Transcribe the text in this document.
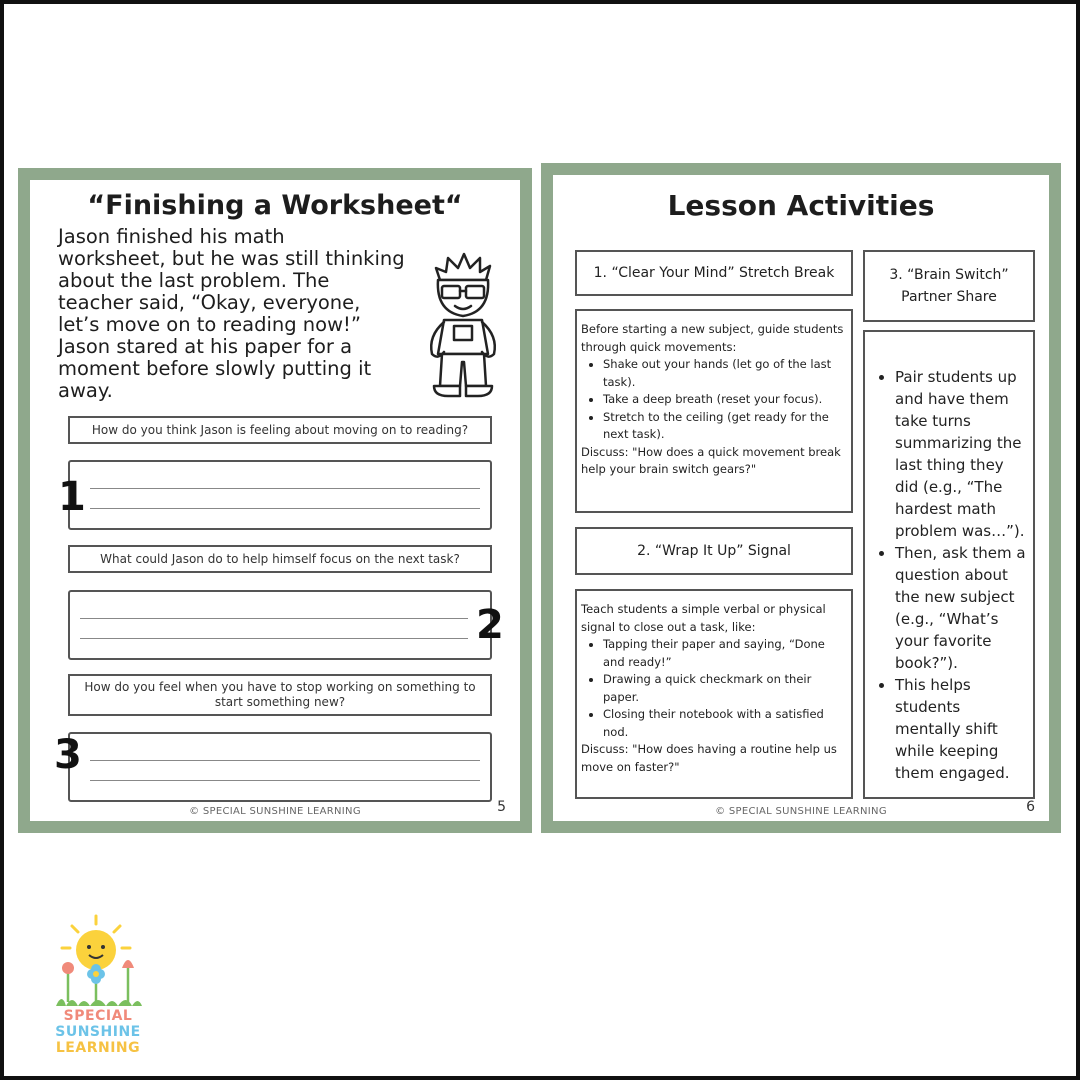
“Finishing a Worksheet“
Jason finished his math
worksheet, but he was still thinking
about the last problem. The
teacher said, “Okay, everyone,
let’s move on to reading now!”
Jason stared at his paper for a
moment before slowly putting it
away.
How do you think Jason is feeling about moving on to reading?
1
What could Jason do to help himself focus on the next task?
2
How do you feel when you have to stop working on something to start something new?
3
© SPECIAL SUNSHINE LEARNING	5
Lesson Activities
1. “Clear Your Mind” Stretch Break
Before starting a new subject, guide students through quick movements:
• Shake out your hands (let go of the last task).
• Take a deep breath (reset your focus).
• Stretch to the ceiling (get ready for the next task).
Discuss: "How does a quick movement break help your brain switch gears?"
2. “Wrap It Up” Signal
Teach students a simple verbal or physical signal to close out a task, like:
• Tapping their paper and saying, “Done and ready!”
• Drawing a quick checkmark on their paper.
• Closing their notebook with a satisfied nod.
Discuss: "How does having a routine help us move on faster?"
3. “Brain Switch”
Partner Share
• Pair students up and have them take turns summarizing the last thing they did (e.g., “The hardest math problem was…”).
• Then, ask them a question about the new subject (e.g., “What’s your favorite book?”).
• This helps students mentally shift while keeping them engaged.
© SPECIAL SUNSHINE LEARNING	6
SPECIAL
SUNSHINE
LEARNING
